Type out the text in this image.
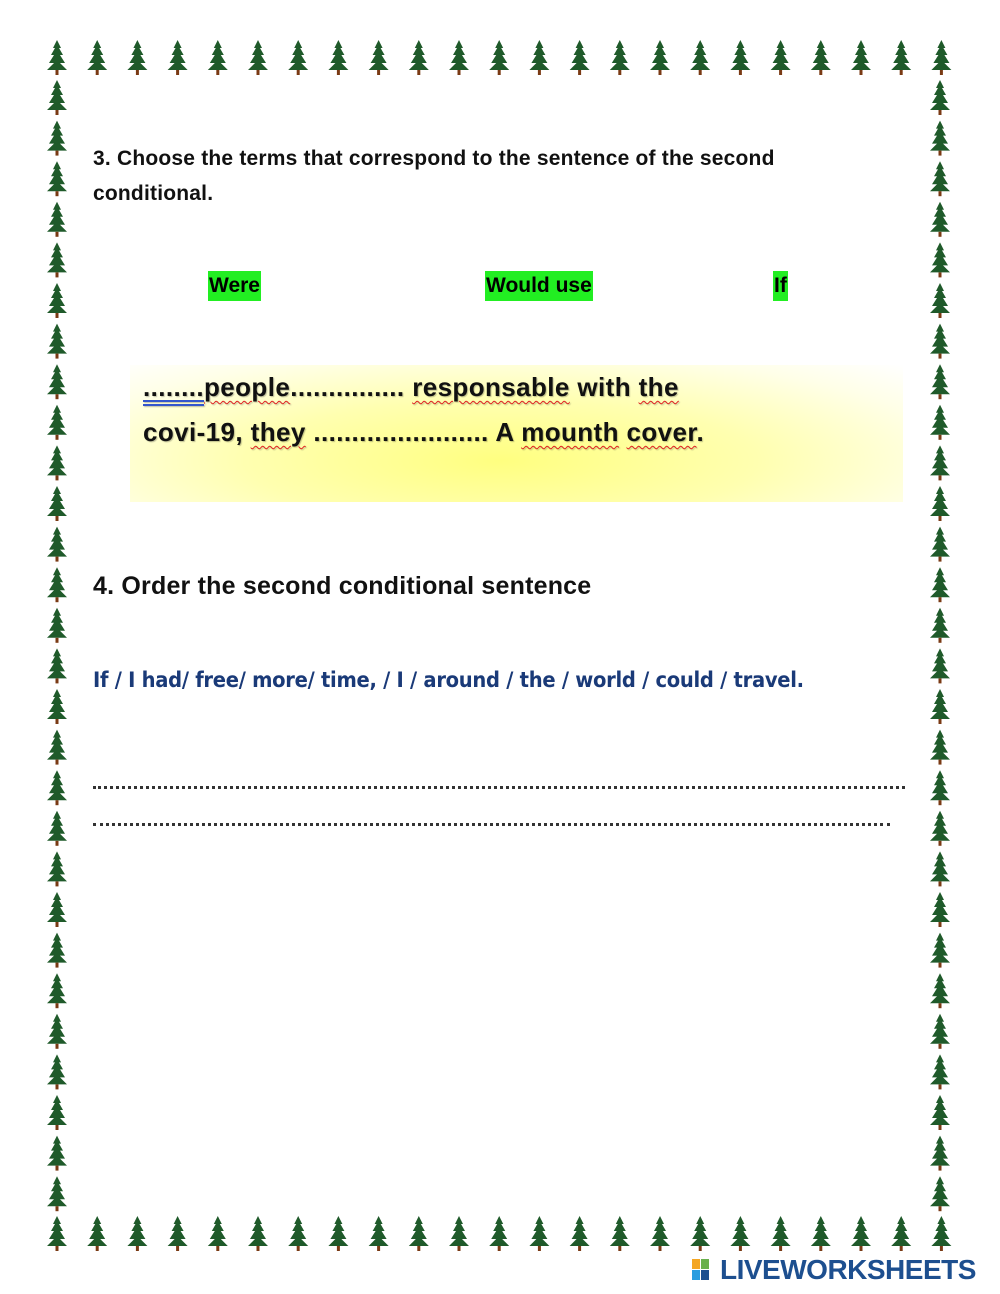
3. Choose the terms that correspond to the sentence of the second conditional.
Were	Would use	If
........people............... responsable with the
covi-19, they ....................... A mounth cover.
4. Order the second conditional sentence
If / I had/ free/ more/ time, / I / around / the / world / could / travel.
LIVEWORKSHEETS
